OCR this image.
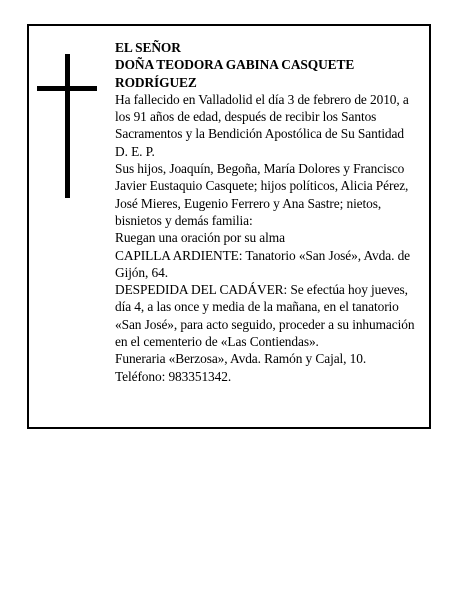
EL SEÑOR

DOÑA TEODORA GABINA CASQUETE RODRÍGUEZ

Ha fallecido en Valladolid el día 3 de febrero de 2010, a los 91 años de edad, después de recibir los Santos Sacramentos y la Bendición Apostólica de Su Santidad

D. E. P.

Sus hijos, Joaquín, Begoña, María Dolores y Francisco Javier Eustaquio Casquete; hijos políticos, Alicia Pérez, José Mieres, Eugenio Ferrero y Ana Sastre; nietos, bisnietos y demás familia:

Ruegan una oración por su alma

CAPILLA ARDIENTE: Tanatorio «San José», Avda. de Gijón, 64.

DESPEDIDA DEL CADÁVER: Se efectúa hoy jueves, día 4, a las once y media de la mañana, en el tanatorio «San José», para acto seguido, proceder a su inhumación en el cementerio de «Las Contiendas».

Funeraria «Berzosa», Avda. Ramón y Cajal, 10.

Teléfono: 983351342.
